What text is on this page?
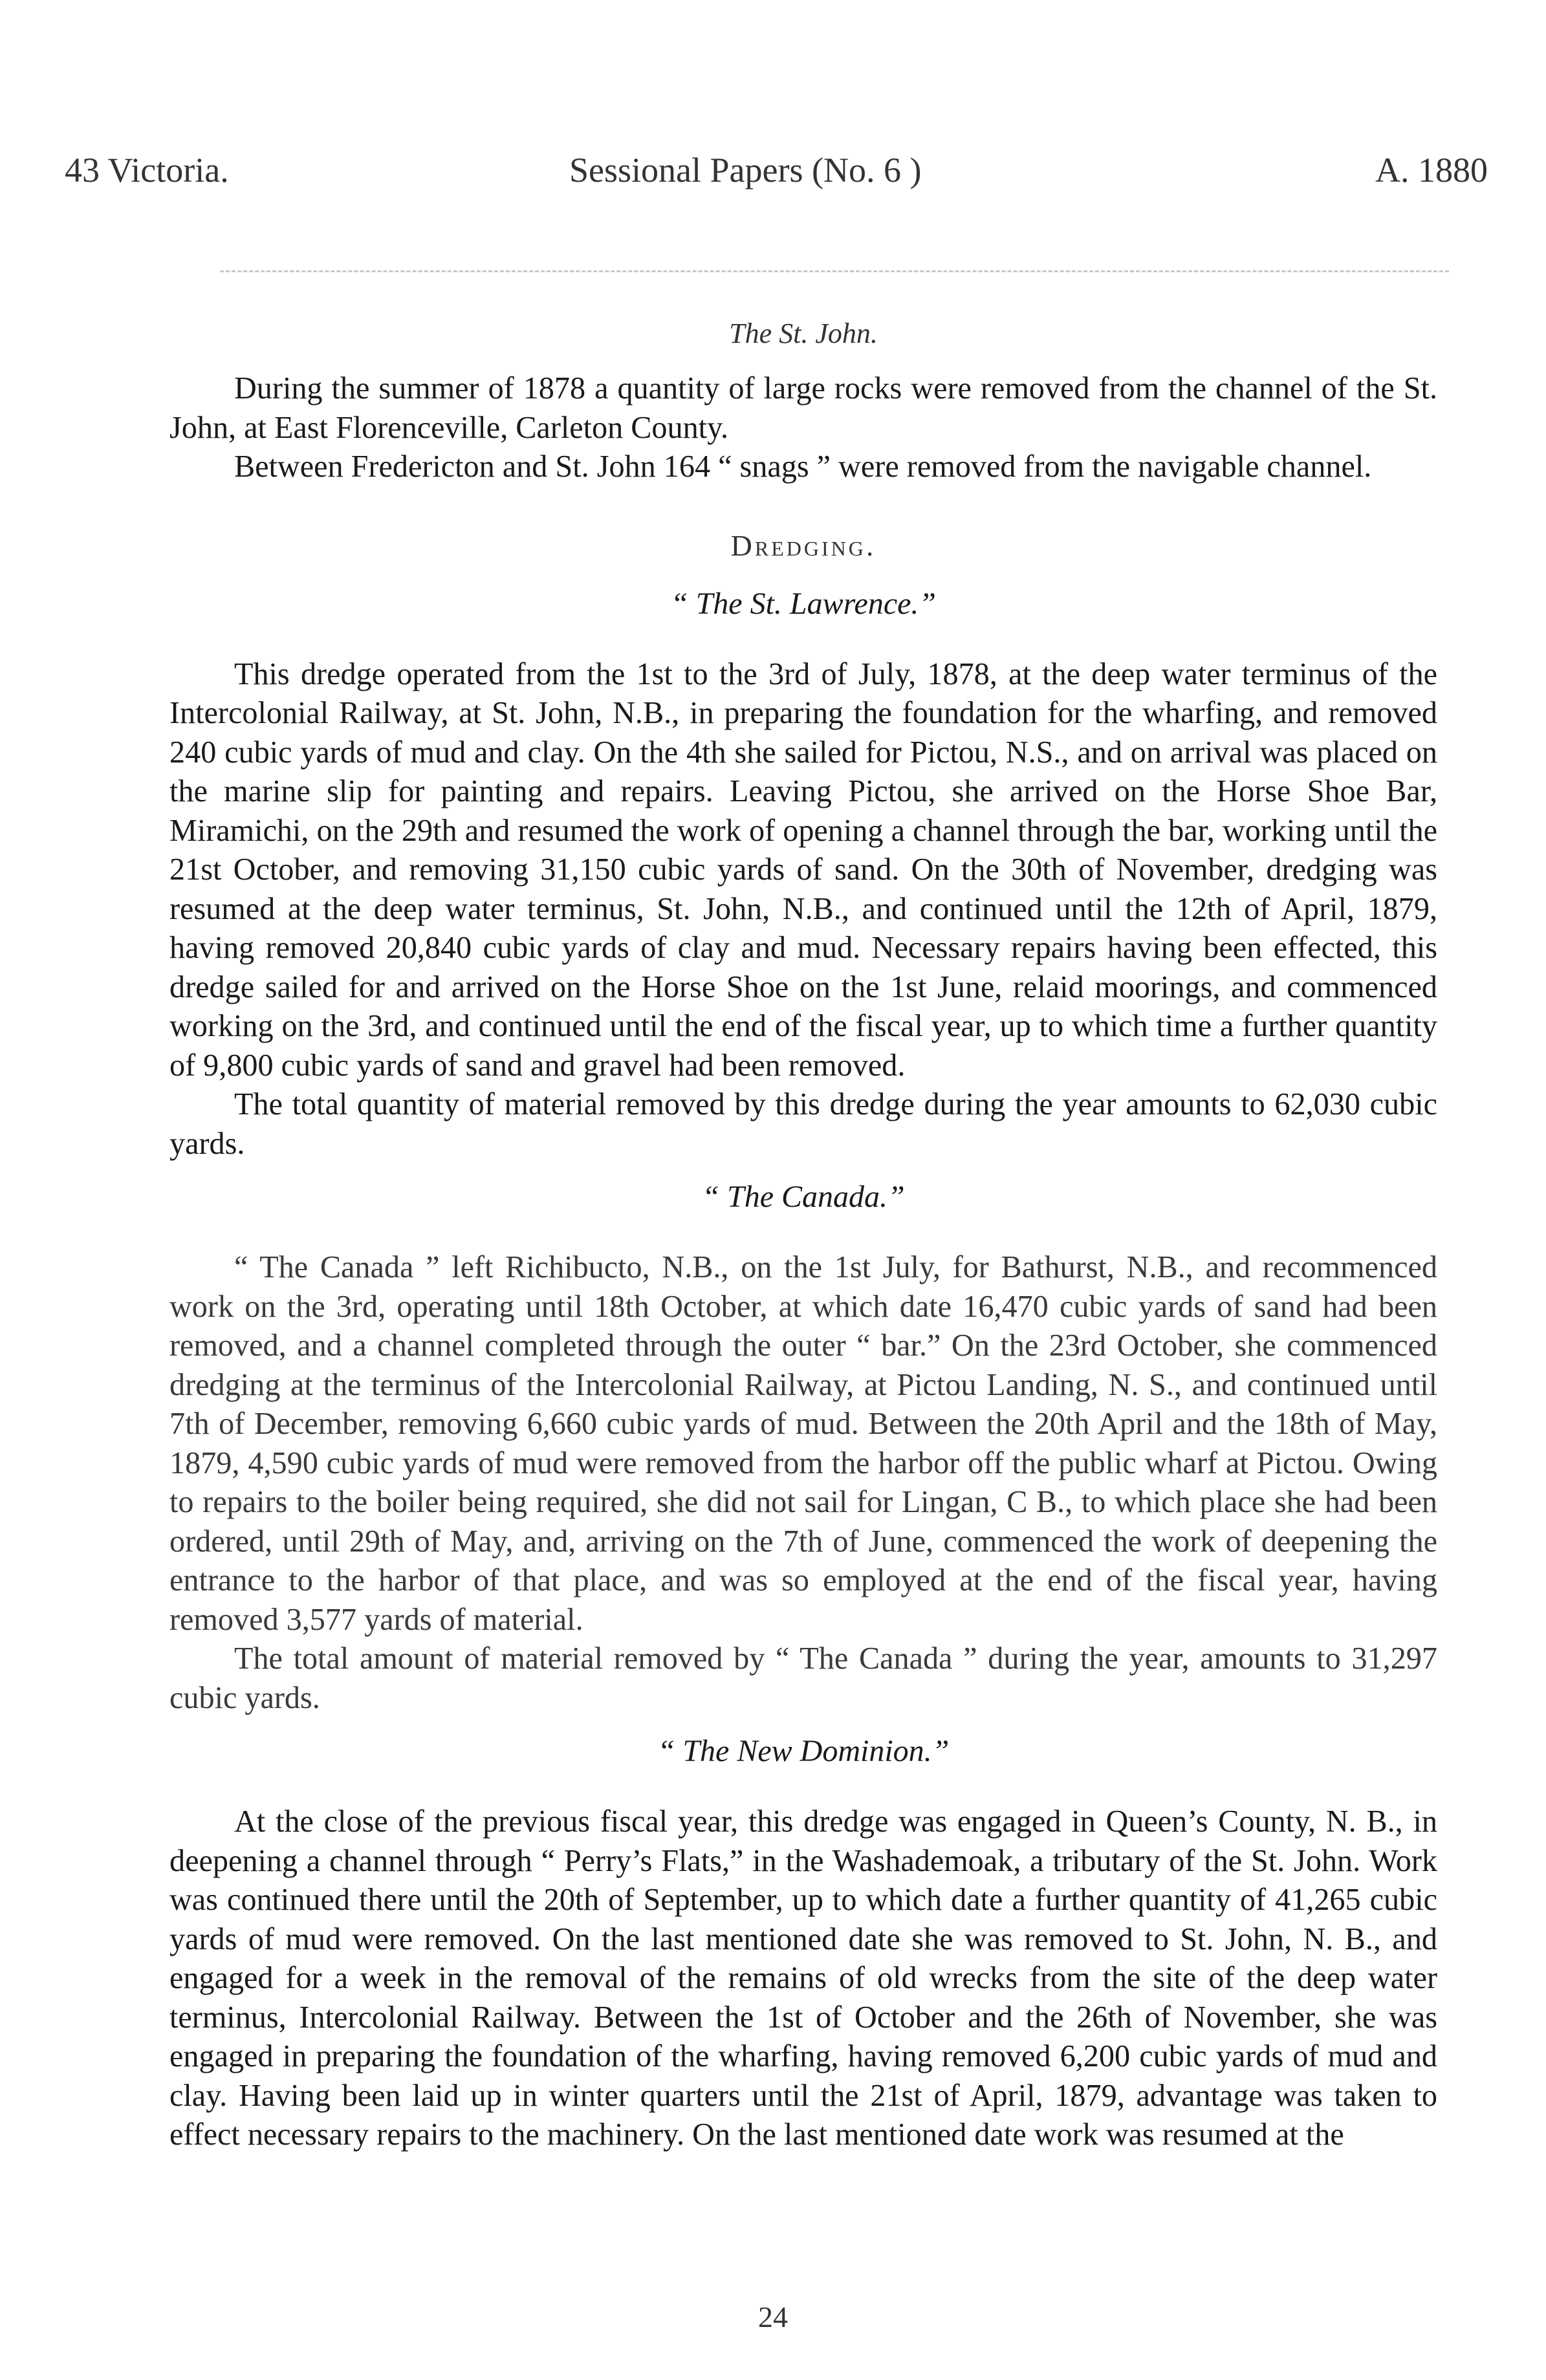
43 Victoria.	Sessional Papers (No. 6 )	A. 1880
The St. John.

During the summer of 1878 a quantity of large rocks were removed from the channel of the St. John, at East Florenceville, Carleton County.

Between Fredericton and St. John 164 “ snags ” were removed from the navigable channel.

Dredging.
“ The St. Lawrence.”

This dredge operated from the 1st to the 3rd of July, 1878, at the deep water terminus of the Intercolonial Railway, at St. John, N.B., in preparing the foundation for the wharfing, and removed 240 cubic yards of mud and clay. On the 4th she sailed for Pictou, N.S., and on arrival was placed on the marine slip for painting and repairs. Leaving Pictou, she arrived on the Horse Shoe Bar, Miramichi, on the 29th and resumed the work of opening a channel through the bar, working until the 21st October, and removing 31,150 cubic yards of sand. On the 30th of November, dredging was resumed at the deep water terminus, St. John, N.B., and continued until the 12th of April, 1879, having removed 20,840 cubic yards of clay and mud. Necessary repairs having been effected, this dredge sailed for and arrived on the Horse Shoe on the 1st June, relaid moorings, and commenced working on the 3rd, and continued until the end of the fiscal year, up to which time a further quantity of 9,800 cubic yards of sand and gravel had been removed.

The total quantity of material removed by this dredge during the year amounts to 62,030 cubic yards.

“ The Canada.”

“ The Canada ” left Richibucto, N.B., on the 1st July, for Bathurst, N.B., and recommenced work on the 3rd, operating until 18th October, at which date 16,470 cubic yards of sand had been removed, and a channel completed through the outer “ bar.” On the 23rd October, she commenced dredging at the terminus of the Intercolonial Railway, at Pictou Landing, N. S., and continued until 7th of December, removing 6,660 cubic yards of mud. Between the 20th April and the 18th of May, 1879, 4,590 cubic yards of mud were removed from the harbor off the public wharf at Pictou. Owing to repairs to the boiler being required, she did not sail for Lingan, C B., to which place she had been ordered, until 29th of May, and, arriving on the 7th of June, commenced the work of deepening the entrance to the harbor of that place, and was so employed at the end of the fiscal year, having removed 3,577 yards of material.

The total amount of material removed by “ The Canada ” during the year, amounts to 31,297 cubic yards.

“ The New Dominion.”

At the close of the previous fiscal year, this dredge was engaged in Queen’s County, N. B., in deepening a channel through “ Perry’s Flats,” in the Washademoak, a tributary of the St. John. Work was continued there until the 20th of September, up to which date a further quantity of 41,265 cubic yards of mud were removed. On the last mentioned date she was removed to St. John, N. B., and engaged for a week in the removal of the remains of old wrecks from the site of the deep water terminus, Intercolonial Railway. Between the 1st of October and the 26th of November, she was engaged in preparing the foundation of the wharfing, having removed 6,200 cubic yards of mud and clay. Having been laid up in winter quarters until the 21st of April, 1879, advantage was taken to effect necessary repairs to the machinery. On the last mentioned date work was resumed at the

24
